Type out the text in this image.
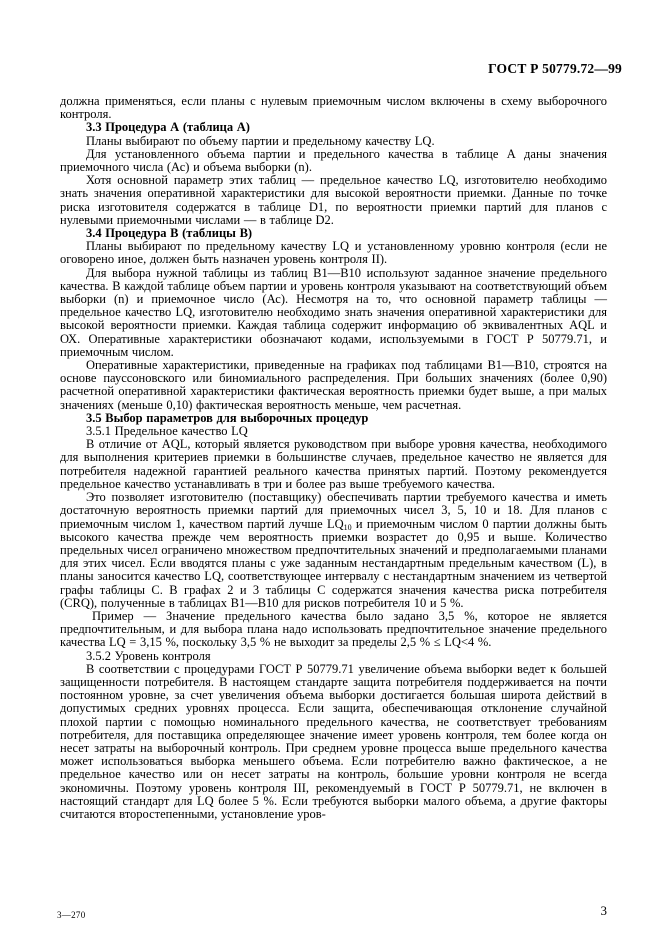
ГОСТ Р 50779.72—99

должна применяться, если планы с нулевым приемочным числом включены в схему выборочного контроля.

3.3 Процедура А (таблица А)

Планы выбирают по объему партии и предельному качеству LQ.

Для установленного объема партии и предельного качества в таблице А даны значения приемочного числа (Ас) и объема выборки (n).

Хотя основной параметр этих таблиц — предельное качество LQ, изготовителю необходимо знать значения оперативной характеристики для высокой вероятности приемки. Данные по точке риска изготовителя содержатся в таблице D1, по вероятности приемки партий для планов с нулевыми приемочными числами — в таблице D2.

3.4 Процедура В (таблицы В)

Планы выбирают по предельному качеству LQ и установленному уровню контроля (если не оговорено иное, должен быть назначен уровень контроля II).

Для выбора нужной таблицы из таблиц В1—В10 используют заданное значение предельного качества. В каждой таблице объем партии и уровень контроля указывают на соответствующий объем выборки (n) и приемочное число (Ас). Несмотря на то, что основной параметр таблицы — предельное качество LQ, изготовителю необходимо знать значения оперативной характеристики для высокой вероятности приемки. Каждая таблица содержит информацию об эквивалентных AQL и ОХ. Оперативные характеристики обозначают кодами, используемыми в ГОСТ Р 50779.71, и приемочным числом.

Оперативные характеристики, приведенные на графиках под таблицами В1—В10, строятся на основе пауссоновского или биномиального распределения. При больших значениях (более 0,90) расчетной оперативной характеристики фактическая вероятность приемки будет выше, а при малых значениях (меньше 0,10) фактическая вероятность меньше, чем расчетная.

3.5 Выбор параметров для выборочных процедур

3.5.1 Предельное качество LQ

В отличие от AQL, который является руководством при выборе уровня качества, необходимого для выполнения критериев приемки в большинстве случаев, предельное качество не является для потребителя надежной гарантией реального качества принятых партий. Поэтому рекомендуется предельное качество устанавливать в три и более раз выше требуемого качества.

Это позволяет изготовителю (поставщику) обеспечивать партии требуемого качества и иметь достаточную вероятность приемки партий для приемочных чисел 3, 5, 10 и 18. Для планов с приемочным числом 1, качеством партий лучше $LQ_{10}$ и приемочным числом 0 партии должны быть высокого качества прежде чем вероятность приемки возрастет до 0,95 и выше. Количество предельных чисел ограничено множеством предпочтительных значений и предполагаемыми планами для этих чисел. Если вводятся планы с уже заданным нестандартным предельным качеством (L), в планы заносится качество LQ, соответствующее интервалу с нестандартным значением из четвертой графы таблицы С. В графах 2 и 3 таблицы С содержатся значения качества риска потребителя (CRQ), полученные в таблицах В1—В10 для рисков потребителя 10 и 5 %.

Пример — Значение предельного качества было задано 3,5 %, которое не является предпочтительным, и для выбора плана надо использовать предпочтительное значение предельного качества LQ = 3,15 %, поскольку 3,5 % не выходит за пределы 2,5 % ≤ LQ<4 %.

3.5.2 Уровень контроля

В соответствии с процедурами ГОСТ Р 50779.71 увеличение объема выборки ведет к большей защищенности потребителя. В настоящем стандарте защита потребителя поддерживается на почти постоянном уровне, за счет увеличения объема выборки достигается большая широта действий в допустимых средних уровнях процесса. Если защита, обеспечивающая отклонение случайной плохой партии с помощью номинального предельного качества, не соответствует требованиям потребителя, для поставщика определяющее значение имеет уровень контроля, тем более когда он несет затраты на выборочный контроль. При среднем уровне процесса выше предельного качества может использоваться выборка меньшего объема. Если потребителю важно фактическое, а не предельное качество или он несет затраты на контроль, большие уровни контроля не всегда экономичны. Поэтому уровень контроля III, рекомендуемый в ГОСТ Р 50779.71, не включен в настоящий стандарт для LQ более 5 %. Если требуются выборки малого объема, а другие факторы считаются второстепенными, установление уров-

3—270	3
